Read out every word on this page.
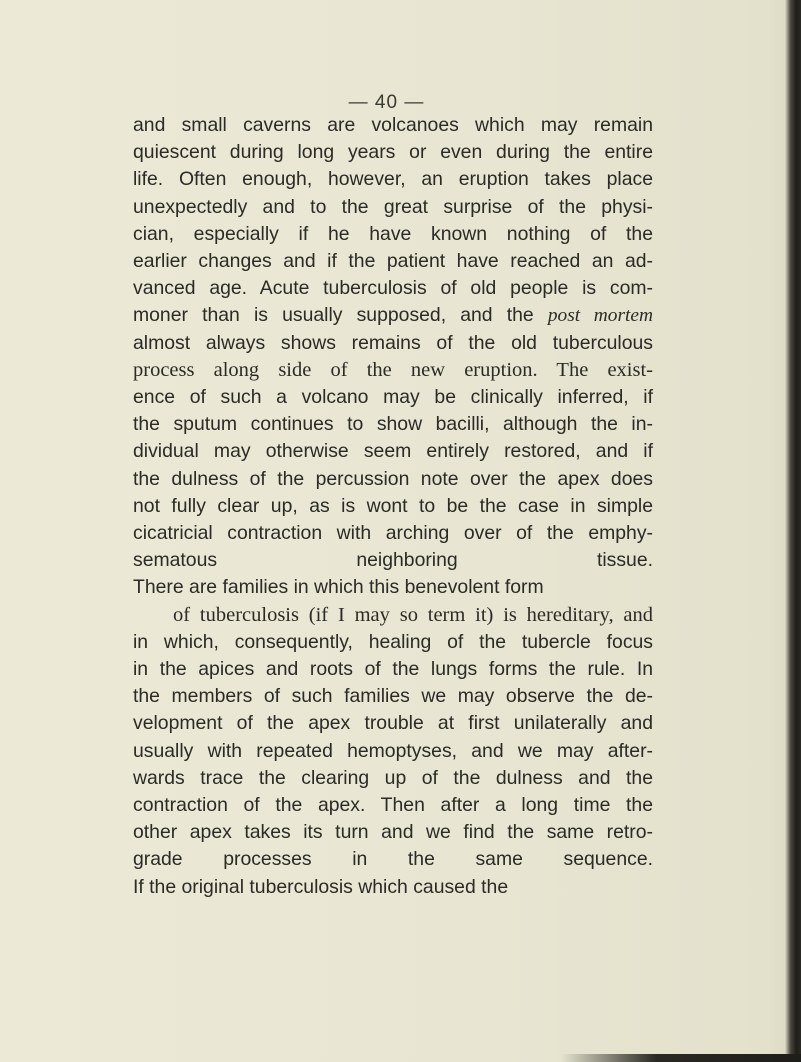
— 40 —
and small caverns are volcanoes which may remain
quiescent during long years or even during the entire
life. Often enough, however, an eruption takes place
unexpectedly and to the great surprise of the physi-
cian, especially if he have known nothing of the
earlier changes and if the patient have reached an ad-
vanced age. Acute tuberculosis of old people is com-
moner than is usually supposed, and the post mortem
almost always shows remains of the old tuberculous
process along side of the new eruption. The exist-
ence of such a volcano may be clinically inferred, if
the sputum continues to show bacilli, although the in-
dividual may otherwise seem entirely restored, and if
the dulness of the percussion note over the apex does
not fully clear up, as is wont to be the case in simple
cicatricial contraction with arching over of the emphy-
sematous neighboring tissue.
There are families in which this benevolent form
of tuberculosis (if I may so term it) is hereditary, and
in which, consequently, healing of the tubercle focus
in the apices and roots of the lungs forms the rule. In
the members of such families we may observe the de-
velopment of the apex trouble at first unilaterally and
usually with repeated hemoptyses, and we may after-
wards trace the clearing up of the dulness and the
contraction of the apex. Then after a long time the
other apex takes its turn and we find the same retro-
grade processes in the same sequence.
If the original tuberculosis which caused the
